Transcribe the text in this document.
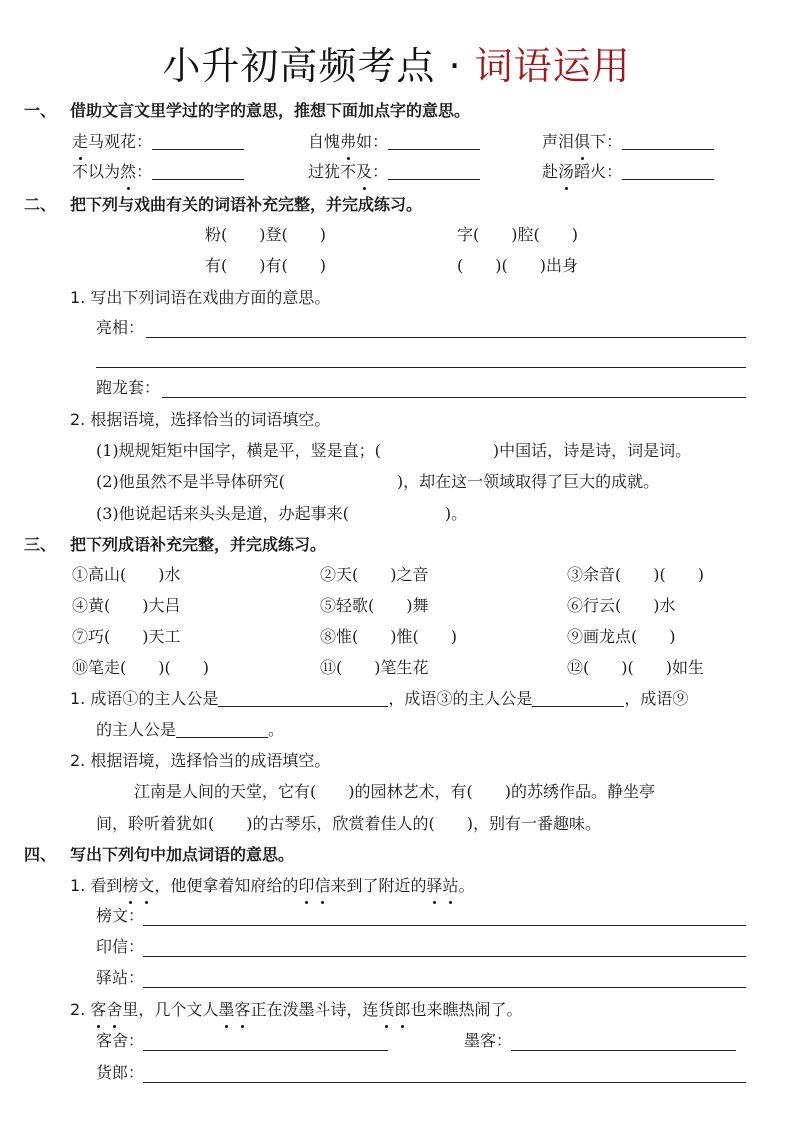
小升初高频考点 · 词语运用
一、 借助文言文里学过的字的意思，推想下面加点字的意思。
走马观花：	自愧弗如：	声泪俱下：
不以为然：	过犹不及：	赴汤蹈火：
二、 把下列与戏曲有关的词语补充完整，并完成练习。
粉(　　)登(　　)	字(　　)腔(　　)
有(　　)有(　　)	(　　)(　　)出身
1. 写出下列词语在戏曲方面的意思。
亮相：
跑龙套：
2. 根据语境，选择恰当的词语填空。
(1)规规矩矩中国字，横是平，竖是直；(　　　　　　　)中国话，诗是诗，词是词。
(2)他虽然不是半导体研究(　　　　　　　)，却在这一领域取得了巨大的成就。
(3)他说起话来头头是道，办起事来(　　　　　　)。
三、 把下列成语补充完整，并完成练习。
①高山(　　)水	②天(　　)之音	③余音(　　)(　　)
④黄(　　)大吕	⑤轻歌(　　)舞	⑥行云(　　)水
⑦巧(　　)天工	⑧惟(　　)惟(　　)	⑨画龙点(　　)
⑩笔走(　　)(　　)	⑪(　　)笔生花	⑫(　　)(　　)如生
1. 成语①的主人公是	，成语③的主人公是	，成语⑨
的主人公是	。
2. 根据语境，选择恰当的成语填空。
江南是人间的天堂，它有(　　)的园林艺术，有(　　)的苏绣作品。静坐亭
间，聆听着犹如(　　)的古琴乐，欣赏着佳人的(　　)，别有一番趣味。
四、 写出下列句中加点词语的意思。
1. 看到榜文，他便拿着知府给的印信来到了附近的驿站。
榜文：
印信：
驿站：
2. 客舍里，几个文人墨客正在泼墨斗诗，连货郎也来瞧热闹了。
客舍：	墨客：
货郎：
